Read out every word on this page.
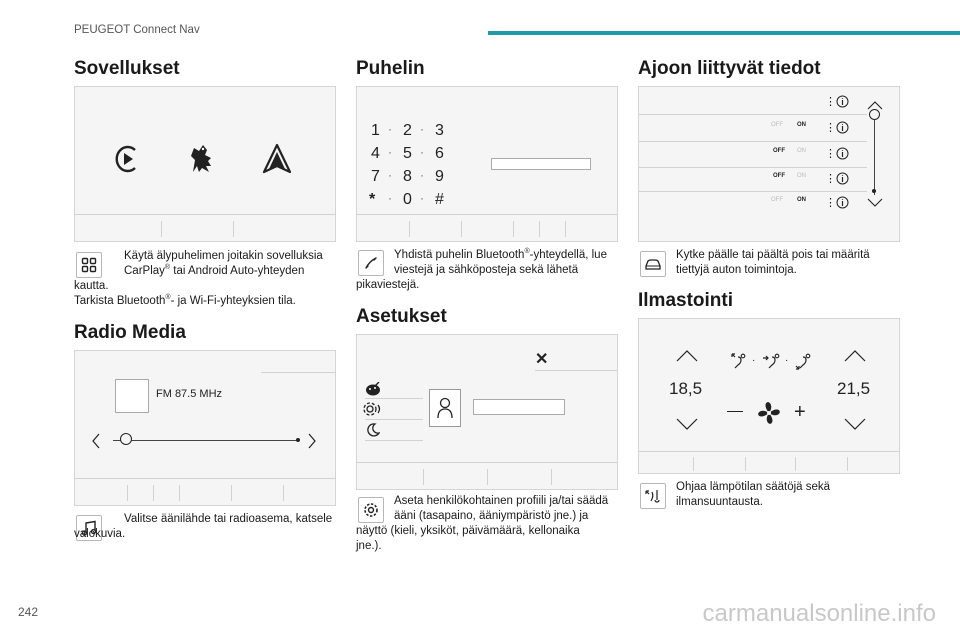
PEUGEOT Connect Nav
Sovellukset

Käytä älypuhelimen joitakin sovelluksia

CarPlay® tai Android Auto-yhteyden

kautta.

Tarkista Bluetooth®- ja Wi-Fi-yhteyksien tila.

Radio Media
FM 87.5 MHz

Valitse äänilähde tai radioasema, katsele

valokuvia.

Puhelin
1 2 3
4 5 6
7 8 9
* 0 #
· ·
· ·
· ·
· ·

Yhdistä puhelin Bluetooth®-yhteydellä, lue

viestejä ja sähköposteja sekä lähetä

pikaviestejä.

Asetukset
✕

Aseta henkilökohtainen profiili ja/tai säädä

ääni (tasapaino, ääniympäristö jne.) ja

näyttö (kieli, yksiköt, päivämäärä, kellonaika

jne.).

Ajoon liittyvät tiedot
⋮
OFF ON ⋮
OFF ON ⋮
OFF ON ⋮
OFF ON ⋮

Kytke päälle tai päältä pois tai määritä

tiettyjä auton toimintoja.

Ilmastointi
18,5	21,5
·	·
+

Ohjaa lämpötilan säätöjä sekä

ilmansuuntausta.

242	carmanualsonline.info
